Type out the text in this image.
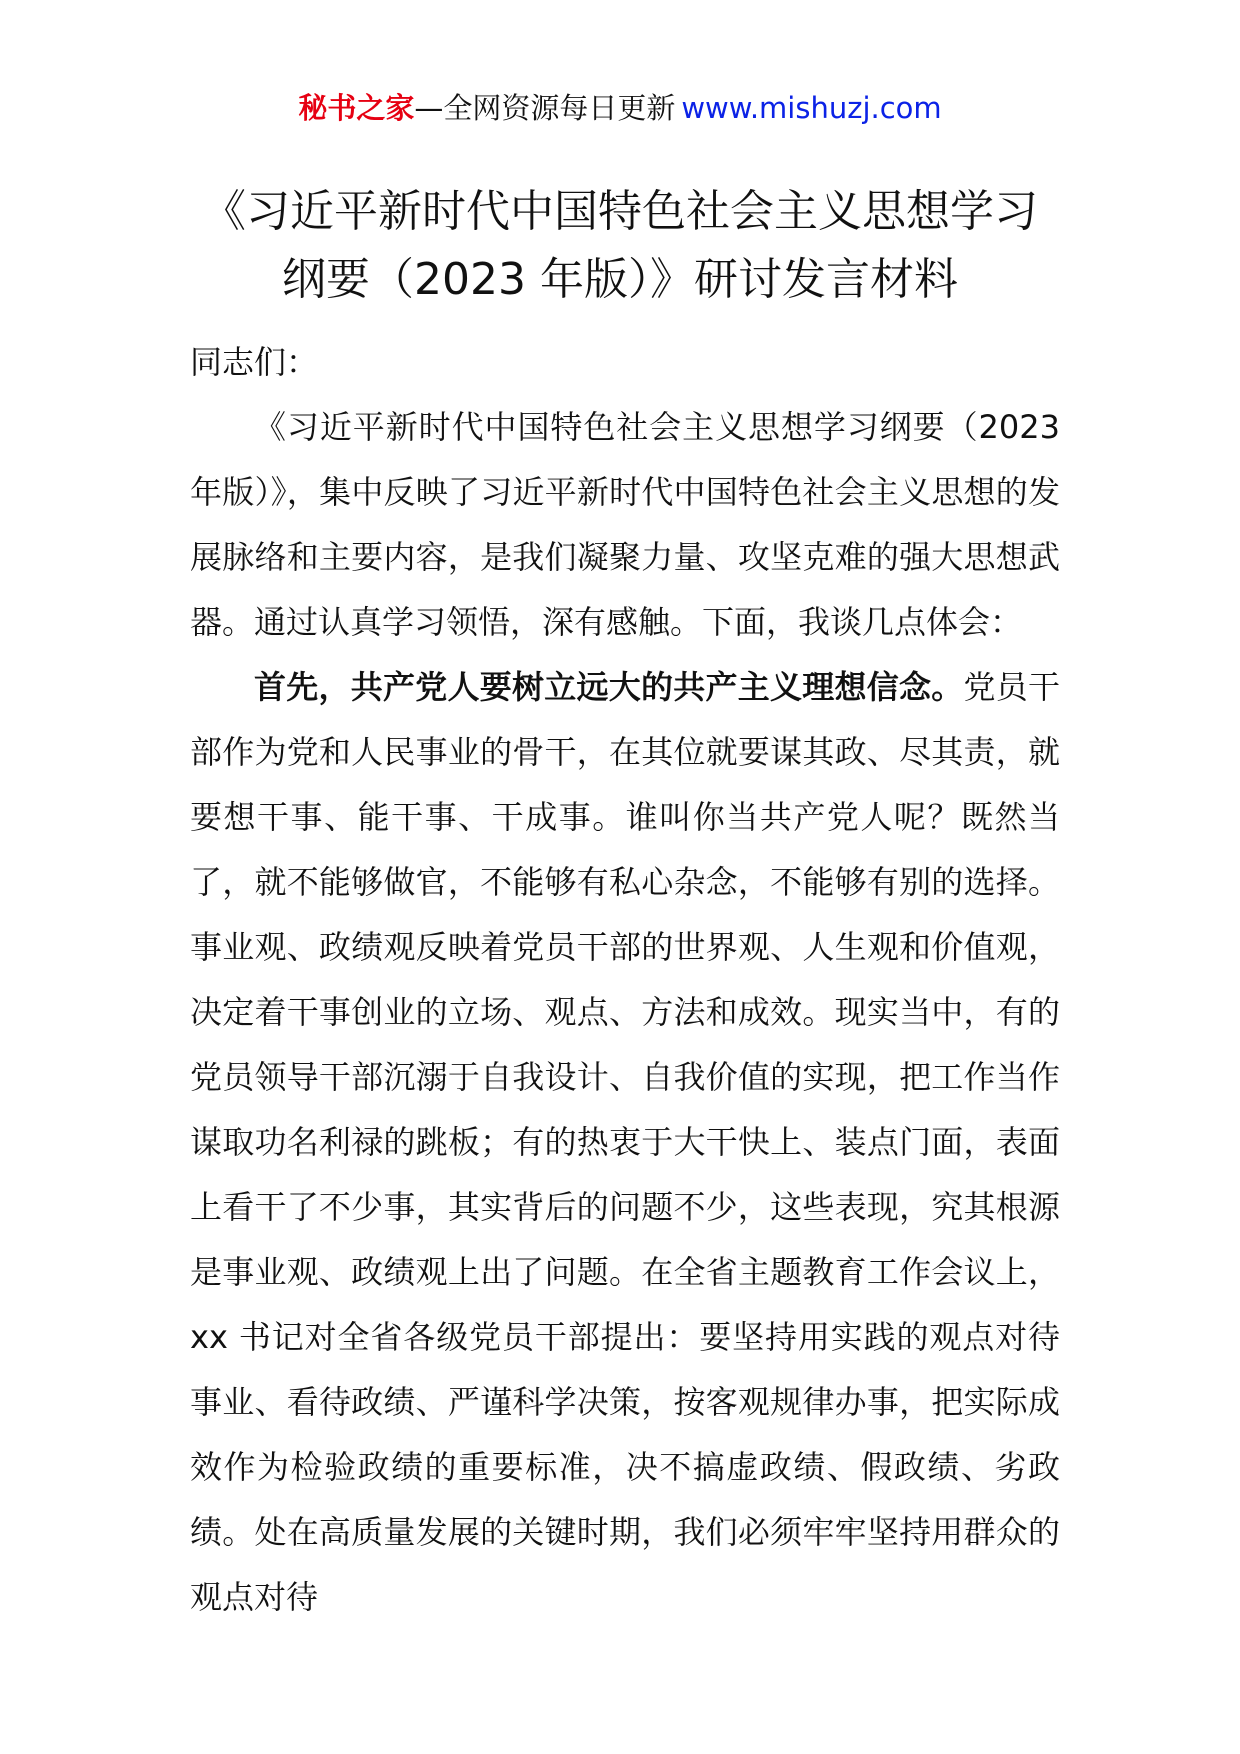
秘书之家—全网资源每日更新 www.mishuzj.com
《习近平新时代中国特色社会主义思想学习纲要（2023 年版）》研讨发言材料

同志们：

《习近平新时代中国特色社会主义思想学习纲要（2023 年版）》，集中反映了习近平新时代中国特色社会主义思想的发展脉络和主要内容，是我们凝聚力量、攻坚克难的强大思想武器。通过认真学习领悟，深有感触。下面，我谈几点体会：

首先，共产党人要树立远大的共产主义理想信念。党员干部作为党和人民事业的骨干，在其位就要谋其政、尽其责，就要想干事、能干事、干成事。谁叫你当共产党人呢？既然当了，就不能够做官，不能够有私心杂念，不能够有别的选择。事业观、政绩观反映着党员干部的世界观、人生观和价值观，决定着干事创业的立场、观点、方法和成效。现实当中，有的党员领导干部沉溺于自我设计、自我价值的实现，把工作当作谋取功名利禄的跳板；有的热衷于大干快上、装点门面，表面上看干了不少事，其实背后的问题不少，这些表现，究其根源是事业观、政绩观上出了问题。在全省主题教育工作会议上，xx 书记对全省各级党员干部提出：要坚持用实践的观点对待事业、看待政绩、严谨科学决策，按客观规律办事，把实际成效作为检验政绩的重要标准，决不搞虚政绩、假政绩、劣政绩。处在高质量发展的关键时期，我们必须牢牢坚持用群众的观点对待
